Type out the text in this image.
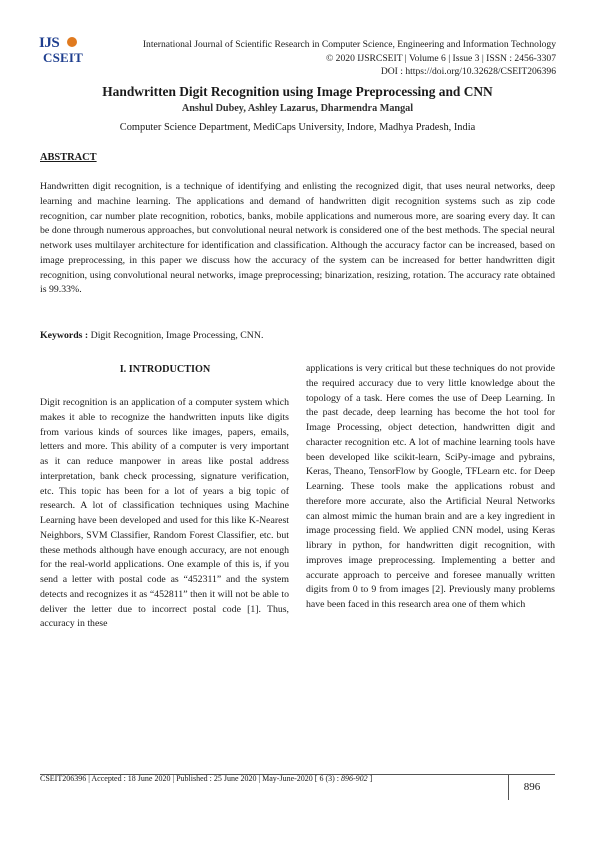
IJS
CSEIT
International Journal of Scientific Research in Computer Science, Engineering and Information Technology
© 2020 IJSRCSEIT | Volume 6 | Issue 3 | ISSN : 2456-3307
DOI : https://doi.org/10.32628/CSEIT206396
Handwritten Digit Recognition using Image Preprocessing and CNN
Anshul Dubey, Ashley Lazarus, Dharmendra Mangal
Computer Science Department, MediCaps University, Indore, Madhya Pradesh, India
ABSTRACT

Handwritten digit recognition, is a technique of identifying and enlisting the recognized digit, that uses neural networks, deep learning and machine learning. The applications and demand of handwritten digit recognition systems such as zip code recognition, car number plate recognition, robotics, banks, mobile applications and numerous more, are soaring every day. It can be done through numerous approaches, but convolutional neural network is considered one of the best methods. The special neural network uses multilayer architecture for identification and classification. Although the accuracy factor can be increased, based on image preprocessing, in this paper we discuss how the accuracy of the system can be increased for better handwritten digit recognition, using convolutional neural networks, image preprocessing; binarization, resizing, rotation. The accuracy rate obtained is 99.33%.

Keywords : Digit Recognition, Image Processing, CNN.
I. INTRODUCTION

Digit recognition is an application of a computer system which makes it able to recognize the handwritten inputs like digits from various kinds of sources like images, papers, emails, letters and more. This ability of a computer is very important as it can reduce manpower in areas like postal address interpretation, bank check processing, signature verification, etc. This topic has been for a lot of years a big topic of research. A lot of classification techniques using Machine Learning have been developed and used for this like K-Nearest Neighbors, SVM Classifier, Random Forest Classifier, etc. but these methods although have enough accuracy, are not enough for the real-world applications. One example of this is, if you send a letter with postal code as “452311” and the system detects and recognizes it as “452811” then it will not be able to deliver the letter due to incorrect postal code [1]. Thus, accuracy in these

applications is very critical but these techniques do not provide the required accuracy due to very little knowledge about the topology of a task. Here comes the use of Deep Learning. In the past decade, deep learning has become the hot tool for Image Processing, object detection, handwritten digit and character recognition etc. A lot of machine learning tools have been developed like scikit-learn, SciPy-image and pybrains, Keras, Theano, TensorFlow by Google, TFLearn etc. for Deep Learning. These tools make the applications robust and therefore more accurate, also the Artificial Neural Networks can almost mimic the human brain and are a key ingredient in image processing field. We applied CNN model, using Keras library in python, for handwritten digit recognition, with improves image preprocessing. Implementing a better and accurate approach to perceive and foresee manually written digits from 0 to 9 from images [2]. Previously many problems have been faced in this research area one of them which

CSEIT206396 | Accepted : 18 June 2020 | Published : 25 June 2020 | May-June-2020 [ 6 (3) : 896-902 ]
896
